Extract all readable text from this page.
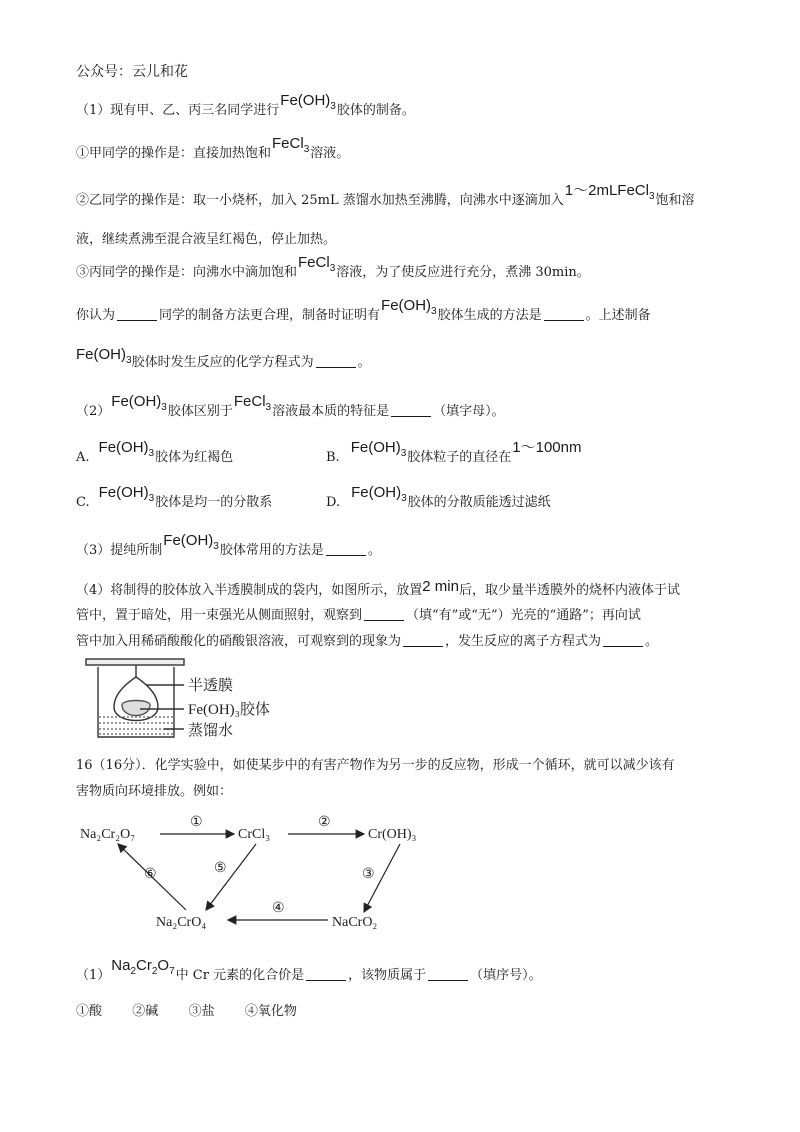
公众号：云儿和花
（1）现有甲、乙、丙三名同学进行$Fe(OH)_3$胶体的制备。
①甲同学的操作是：直接加热饱和FeCl$_3$溶液。
②乙同学的操作是：取一小烧杯，加入 25mL 蒸馏水加热至沸腾，向沸水中逐滴加入1～2mLFeCl$_3$饱和溶
液，继续煮沸至混合液呈红褐色，停止加热。
③丙同学的操作是：向沸水中滴加饱和FeCl$_3$溶液，为了使反应进行充分，煮沸 30min。
你认为	同学的制备方法更合理，制备时证明有$Fe(OH)_3$胶体生成的方法是	。上述制备
$Fe(OH)_3$胶体时发生反应的化学方程式为	。
$(2)Fe(OH)_3$胶体区别于FeCl$_3$溶液最本质的特征是	（填字母）。
$A.Fe(OH)_3$胶体为红褐色	$B.Fe(OH)_3$胶体粒子的直径在1～100nm
$C.Fe(OH)_3$胶体是均一的分散系	$D.Fe(OH)_3$胶体的分散质能透过滤纸
（3）提纯所制$Fe(OH)_3$胶体常用的方法是	。
（4）将制得的胶体放入半透膜制成的袋内，如图所示，放置2 min后，取少量半透膜外的烧杯内液体于试
管中，置于暗处，用一束强光从侧面照射，观察到	（填“有”或“无”）光亮的“通路”；再向试
管中加入用稀硝酸酸化的硝酸银溶液，可观察到的现象为	，发生反应的离子方程式为	。
半透膜
Fe(OH)₃胶体
蒸馏水
16（16分）．化学实验中，如使某步中的有害产物作为另一步的反应物，形成一个循环，就可以减少该有
害物质向环境排放。例如：
Na₂Cr₂O₇	CrCl₃	Cr(OH)₃
Na₂CrO₄	NaCrO₂
①	②
③
④
⑤
⑥
$(1)Na_2Cr_2O_7$中 Cr 元素的化合价是	，该物质属于	（填序号）。
①酸 ②碱 ③盐 ④氧化物
